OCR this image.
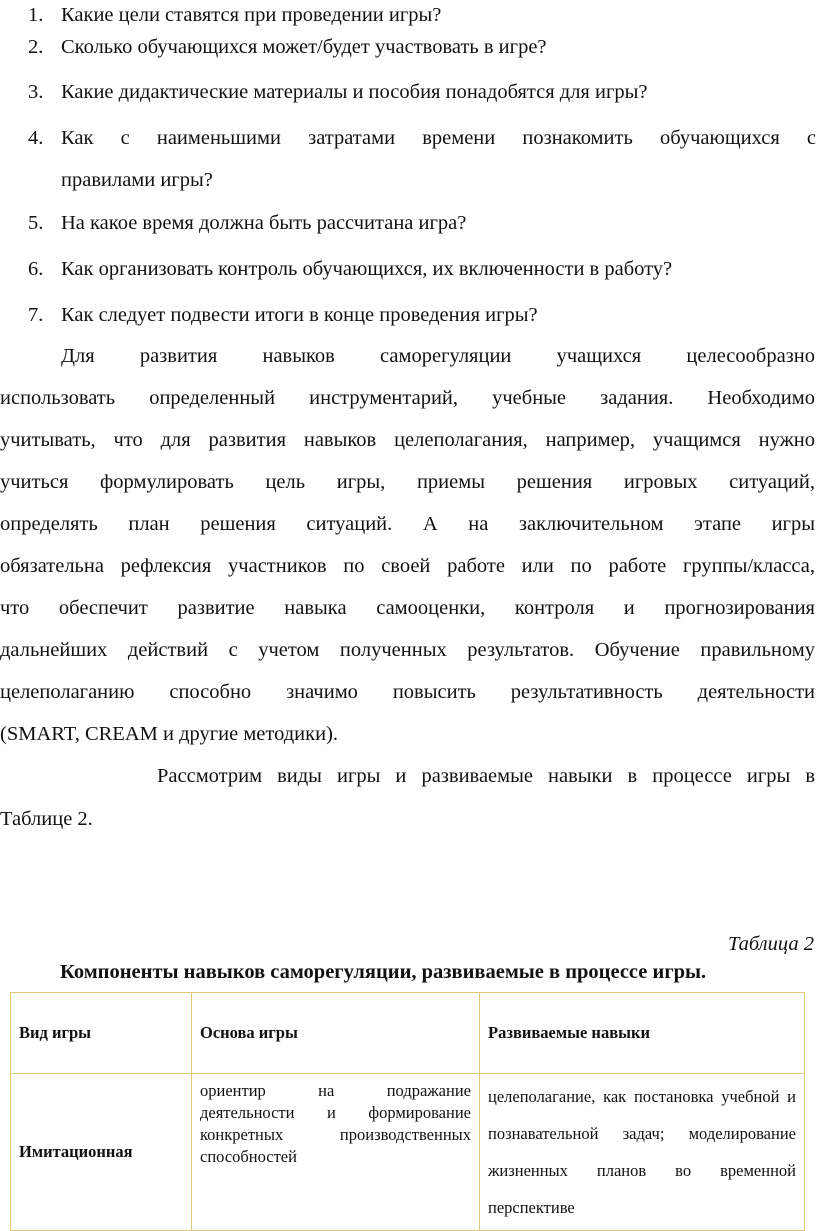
1. Какие цели ставятся при проведении игры?
2. Сколько обучающихся может/будет участвовать в игре?
3. Какие дидактические материалы и пособия понадобятся для игры?
4. Как с наименьшими затратами времени познакомить обучающихся с
5. На какое время должна быть рассчитана игра?
6. Как организовать контроль обучающихся, их включенности в работу?
7. Как следует подвести итоги в конце проведения игры?
правилами игры?
Для развития навыков саморегуляции учащихся целесообразно
использовать определенный инструментарий, учебные задания. Необходимо
учитывать, что для развития навыков целеполагания, например, учащимся нужно
учиться формулировать цель игры, приемы решения игровых ситуаций,
определять план решения ситуаций. А на заключительном этапе игры
обязательна рефлексия участников по своей работе или по работе группы/класса,
что обеспечит развитие навыка самооценки, контроля и прогнозирования
дальнейших действий с учетом полученных результатов. Обучение правильному
целеполаганию способно значимо повысить результативность деятельности
(SMART, CREAM и другие методики).
Рассмотрим виды игры и развиваемые навыки в процессе игры в
Таблице 2.
Таблица 2
Компоненты навыков саморегуляции, развиваемые в процессе игры.
Вид игры	Основа игры	Развиваемые навыки
Имитационная	ориентир на подражание деятельности и формирование конкретных производственных способностей	целеполагание, как постановка учебной и познавательной задач; моделирование жизненных планов во временной перспективе
